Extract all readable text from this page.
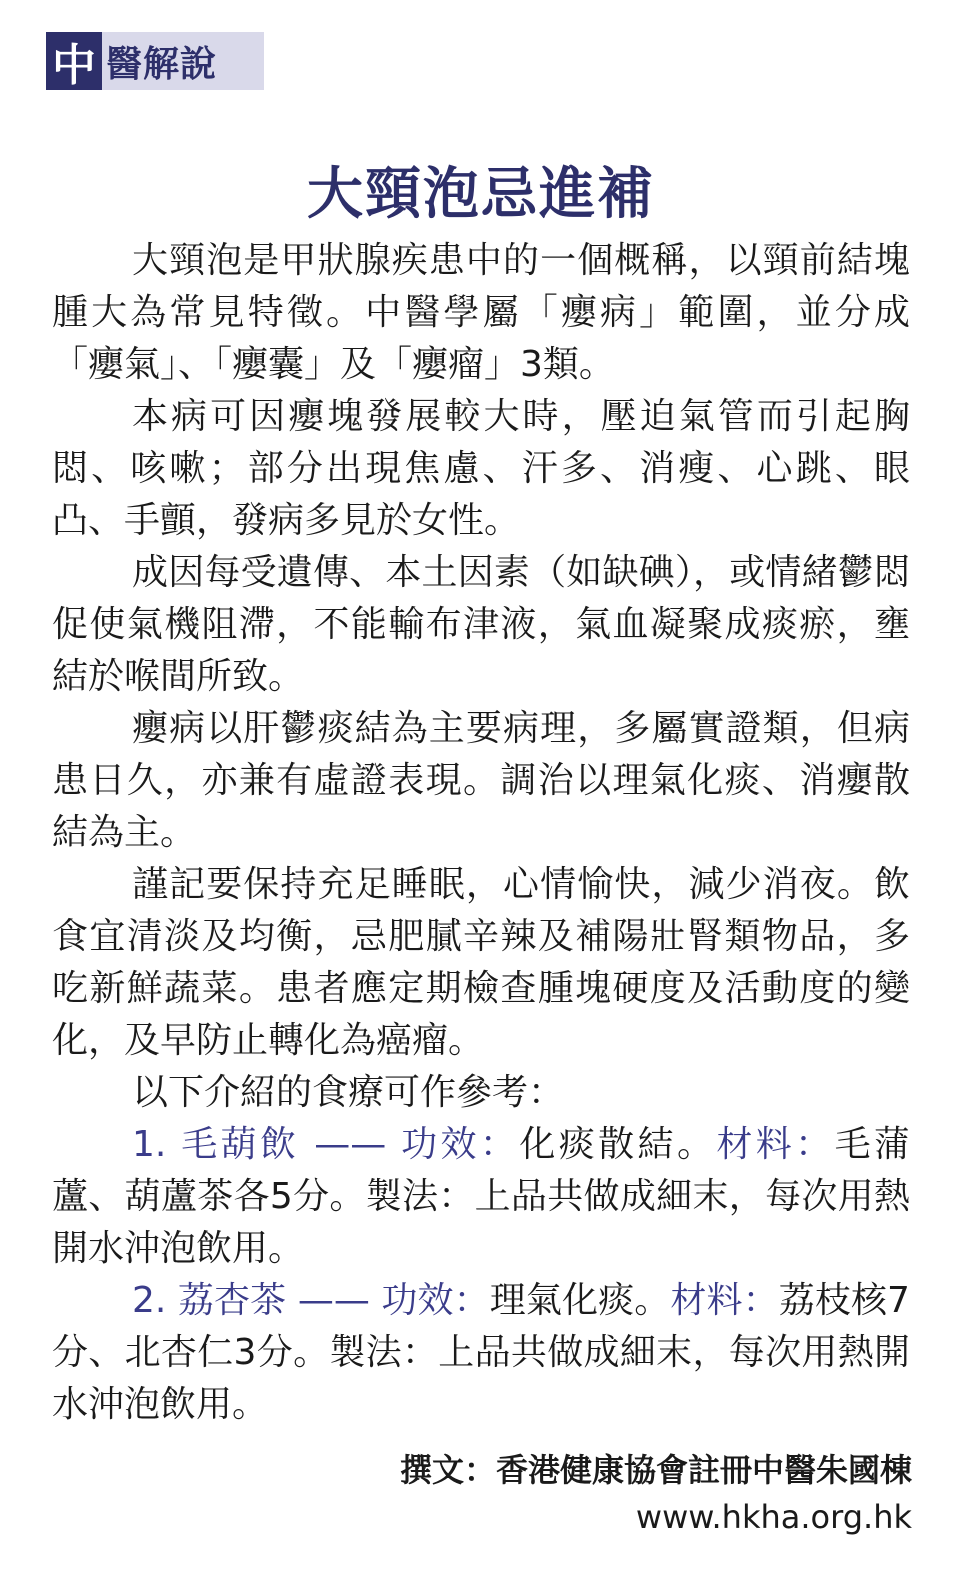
中 醫解說
大頸泡忌進補

大頸泡是甲狀腺疾患中的一個概稱，以頸前結塊腫大為常見特徵。中醫學屬「癭病」範圍，並分成「癭氣」、「癭囊」及「癭瘤」3類。

本病可因癭塊發展較大時，壓迫氣管而引起胸悶、咳嗽；部分出現焦慮、汗多、消瘦、心跳、眼凸、手顫，發病多見於女性。

成因每受遺傳、本土因素（如缺碘），或情緒鬱悶促使氣機阻滯，不能輸布津液，氣血凝聚成痰瘀，壅結於喉間所致。

癭病以肝鬱痰結為主要病理，多屬實證類，但病患日久，亦兼有虛證表現。調治以理氣化痰、消癭散結為主。

謹記要保持充足睡眠，心情愉快，減少消夜。飲食宜清淡及均衡，忌肥膩辛辣及補陽壯腎類物品，多吃新鮮蔬菜。患者應定期檢查腫塊硬度及活動度的變化，及早防止轉化為癌瘤。

以下介紹的食療可作參考：

1. 毛葫飲 —— 功效：化痰散結。材料：毛蒲蘆、葫蘆茶各5分。製法：上品共做成細末，每次用熱開水沖泡飲用。

2. 荔杏茶 —— 功效：理氣化痰。材料：荔枝核7分、北杏仁3分。製法：上品共做成細末，每次用熱開水沖泡飲用。

撰文：香港健康協會註冊中醫朱國棟
www.hkha.org.hk
